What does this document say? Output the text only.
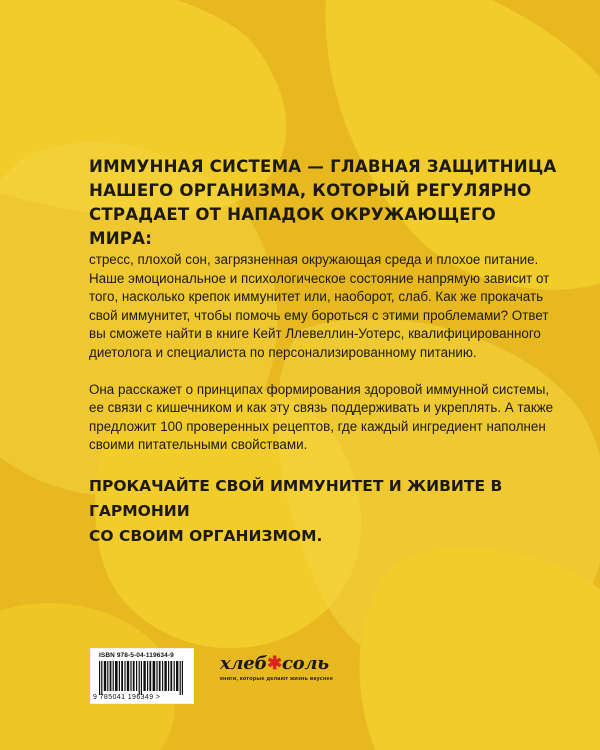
ИММУННАЯ СИСТЕМА — ГЛАВНАЯ ЗАЩИТНИЦА
НАШЕГО ОРГАНИЗМА, КОТОРЫЙ РЕГУЛЯРНО
СТРАДАЕТ ОТ НАПАДОК ОКРУЖАЮЩЕГО МИРА:

стресс, плохой сон, загрязненная окружающая среда и плохое питание. Наше эмоциональное и психологическое состояние напрямую зависит от того, насколько крепок иммунитет или, наоборот, слаб. Как же прокачать свой иммунитет, чтобы помочь ему бороться с этими проблемами? Ответ вы сможете найти в книге Кейт Ллевеллин-Уотерс, квалифицированного диетолога и специалиста по персонализированному питанию.

Она расскажет о принципах формирования здоровой иммунной системы, ее связи с кишечником и как эту связь поддерживать и укреплять. А также предложит 100 проверенных рецептов, где каждый ингредиент наполнен своими питательными свойствами.

ПРОКАЧАЙТЕ СВОЙ ИММУНИТЕТ И ЖИВИТЕ В ГАРМОНИИ
СО СВОИМ ОРГАНИЗМОМ.
ISBN 978-5-04-119634-9
9 785041 196349 >
хлеб✱соль
книги, которые делают жизнь вкуснее
